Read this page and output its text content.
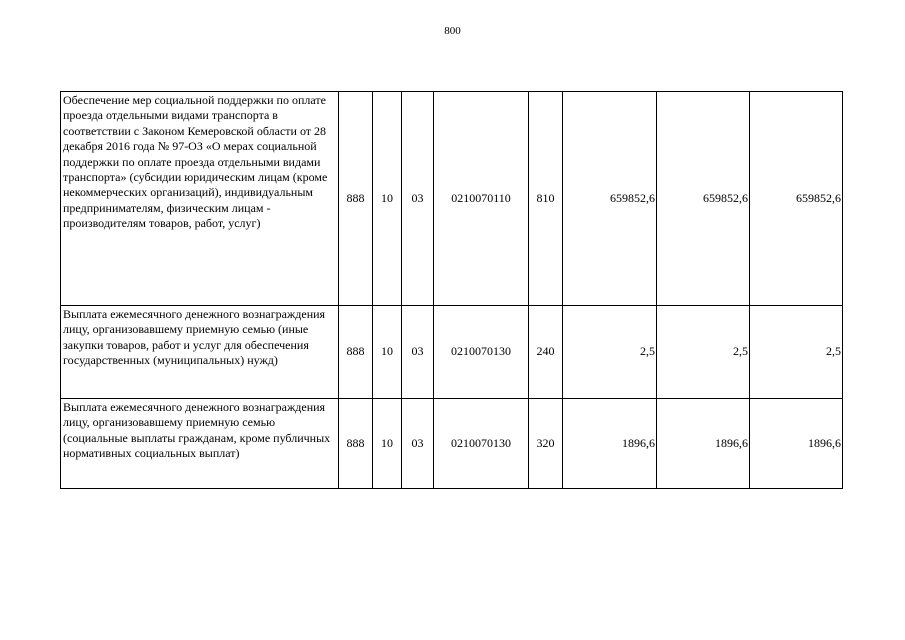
800
Обеспечение мер социальной поддержки по оплате проезда отдельными видами транспорта в соответствии с Законом Кемеровской области от 28 декабря 2016 года № 97-ОЗ «О мерах социальной поддержки по оплате проезда отдельными видами транспорта» (субсидии юридическим лицам (кроме некоммерческих организаций), индивидуальным предпринимателям, физическим лицам - производителям товаров, работ, услуг)	888	10	03	0210070110	810	659852,6	659852,6	659852,6
Выплата ежемесячного денежного вознаграждения лицу, организовавшему приемную семью (иные закупки товаров, работ и услуг для обеспечения государственных (муниципальных) нужд)	888	10	03	0210070130	240	2,5	2,5	2,5
Выплата ежемесячного денежного вознаграждения лицу, организовавшему приемную семью (социальные выплаты гражданам, кроме публичных нормативных социальных выплат)	888	10	03	0210070130	320	1896,6	1896,6	1896,6
